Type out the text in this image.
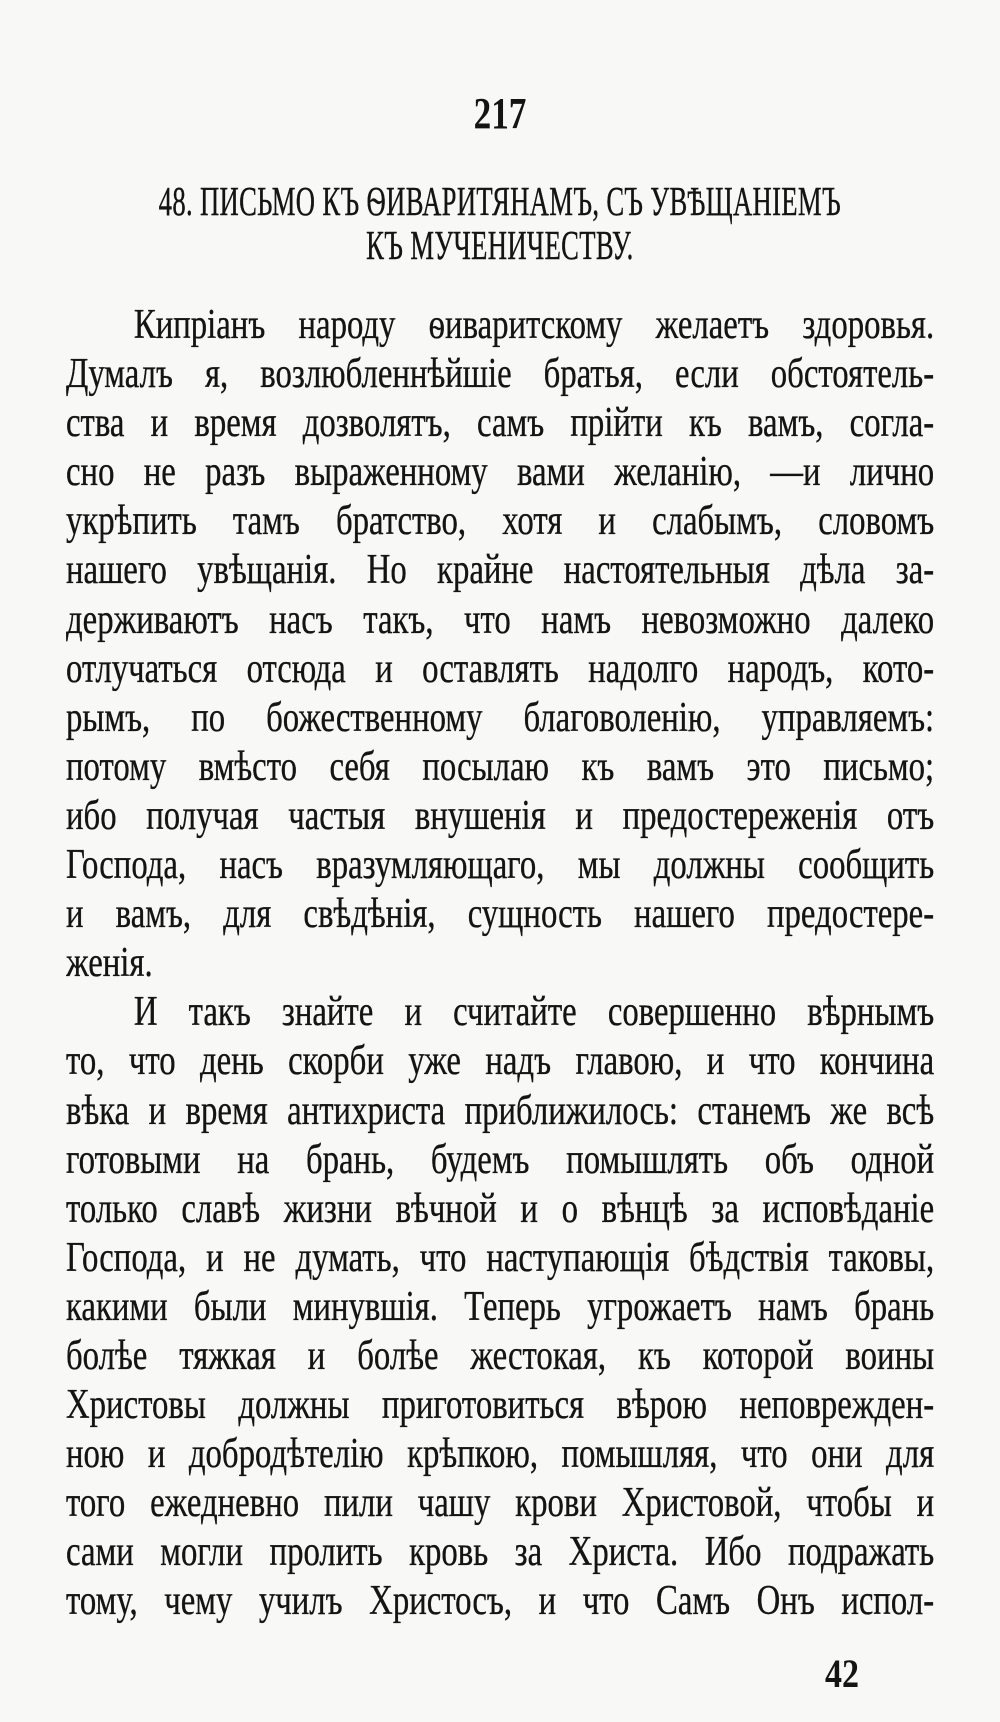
217
48. ПИСЬМО КЪ ѲИВАРИТЯНАМЪ, СЪ УВѢЩАНІЕМЪ
КЪ МУЧЕНИЧЕСТВУ.
Кипріанъ народу ѳиваритскому желаетъ здоровья.
Думалъ я, возлюбленнѣйшіе братья, если обстоятель-
ства и время дозволятъ, самъ прійти къ вамъ, согла-
сно не разъ выраженному вами желанію, —и лично
укрѣпить тамъ братство, хотя и слабымъ, словомъ
нашего увѣщанія. Но крайне настоятельныя дѣла за-
держиваютъ насъ такъ, что намъ невозможно далеко
отлучаться отсюда и оставлять надолго народъ, кото-
рымъ, по божественному благоволенію, управляемъ:
потому вмѣсто себя посылаю къ вамъ это письмо;
ибо получая частыя внушенія и предостереженія отъ
Господа, насъ вразумляющаго, мы должны сообщить
и вамъ, для свѣдѣнія, сущность нашего предостере-
женія.
И такъ знайте и считайте совершенно вѣрнымъ
то, что день скорби уже надъ главою, и что кончина
вѣка и время антихриста приближилось: станемъ же всѣ
готовыми на брань, будемъ помышлять объ одной
только славѣ жизни вѣчной и о вѣнцѣ за исповѣданіе
Господа, и не думать, что наступающія бѣдствія таковы,
какими были минувшія. Теперь угрожаетъ намъ брань
болѣе тяжкая и болѣе жестокая, къ которой воины
Христовы должны приготовиться вѣрою неповрежден-
ною и добродѣтелію крѣпкою, помышляя, что они для
того ежедневно пили чашу крови Христовой, чтобы и
сами могли пролить кровь за Христа. Ибо подражать
тому, чему училъ Христосъ, и что Самъ Онъ испол-
42
